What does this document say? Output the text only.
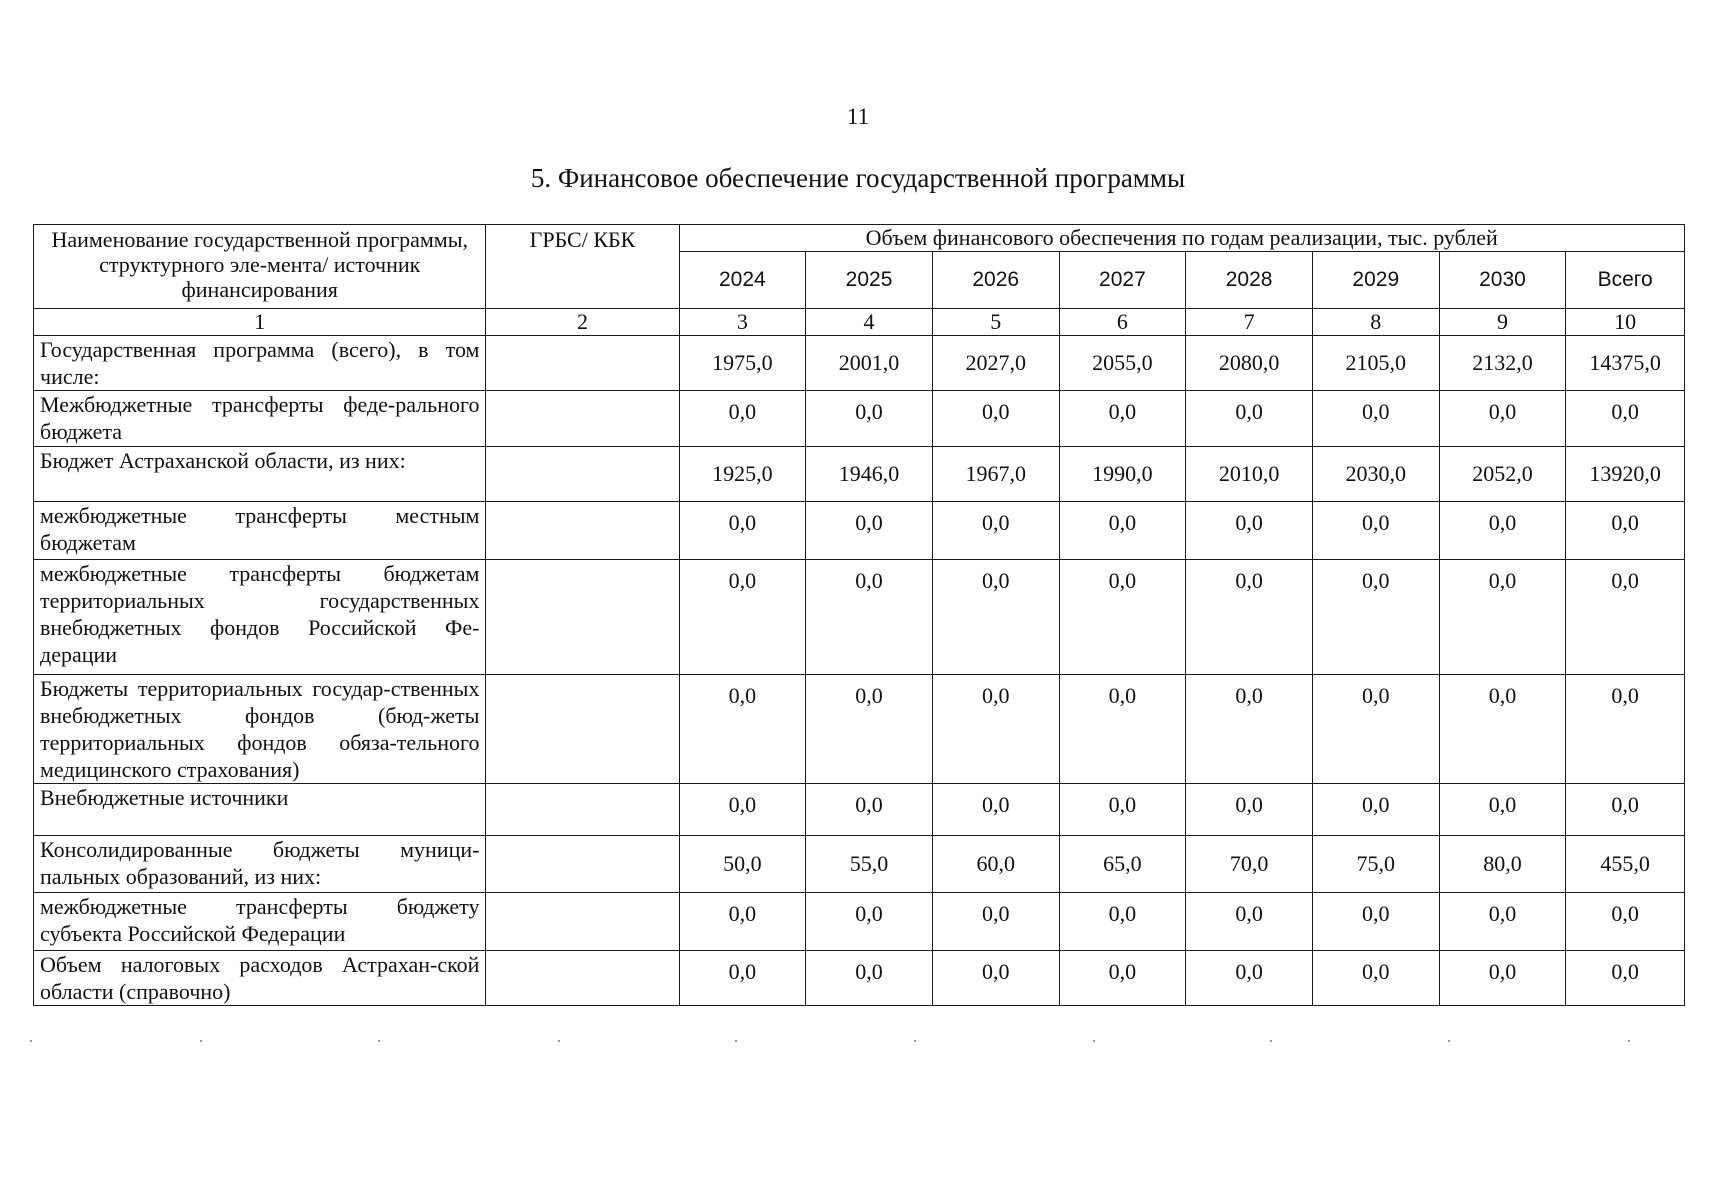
11
5. Финансовое обеспечение государственной программы
Наименование государственной программы, структурного эле-мента/ источник финансирования	ГРБС/ КБК	Объем финансового обеспечения по годам реализации, тыс. рублей							
		2024	2025	2026	2027	2028	2029	2030	Всего
1	2	3	4	5	6	7	8	9	10
Государственная программа (всего), в том числе:		1975,0	2001,0	2027,0	2055,0	2080,0	2105,0	2132,0	14375,0
Межбюджетные трансферты феде-рального бюджета		0,0	0,0	0,0	0,0	0,0	0,0	0,0	0,0
Бюджет Астраханской области, из них:		1925,0	1946,0	1967,0	1990,0	2010,0	2030,0	2052,0	13920,0
межбюджетные трансферты местным бюджетам		0,0	0,0	0,0	0,0	0,0	0,0	0,0	0,0
межбюджетные трансферты бюджетам территориальных государственных внебюджетных фондов Российской Фе-дерации		0,0	0,0	0,0	0,0	0,0	0,0	0,0	0,0
Бюджеты территориальных государ-ственных внебюджетных фондов (бюд-жеты территориальных фондов обяза-тельного медицинского страхования)		0,0	0,0	0,0	0,0	0,0	0,0	0,0	0,0
Внебюджетные источники		0,0	0,0	0,0	0,0	0,0	0,0	0,0	0,0
Консолидированные бюджеты муници-пальных образований, из них:		50,0	55,0	60,0	65,0	70,0	75,0	80,0	455,0
межбюджетные трансферты бюджету субъекта Российской Федерации		0,0	0,0	0,0	0,0	0,0	0,0	0,0	0,0
Объем налоговых расходов Астрахан-ской области (справочно)		0,0	0,0	0,0	0,0	0,0	0,0	0,0	0,0
